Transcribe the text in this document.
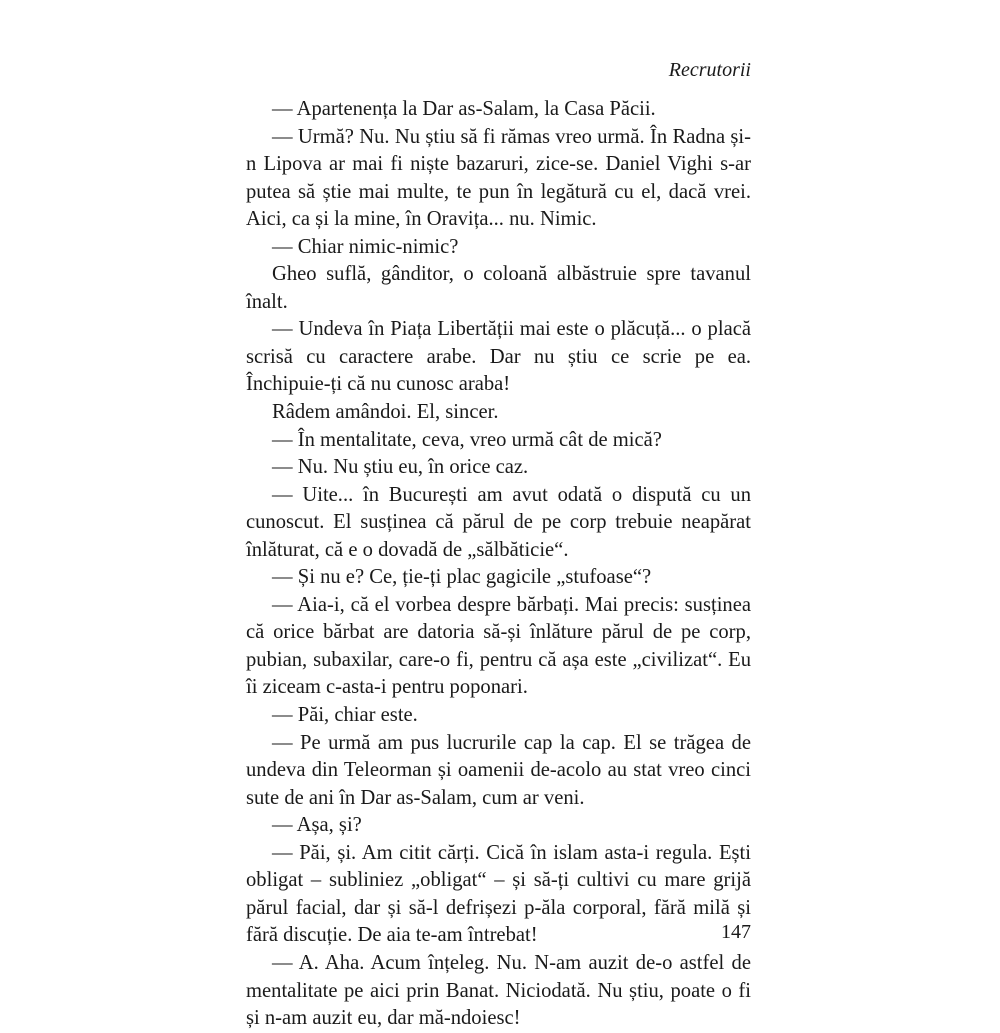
Recrutorii

— Apartenența la Dar as-Salam, la Casa Păcii.

— Urmă? Nu. Nu știu să fi rămas vreo urmă. În Radna și-n Lipova ar mai fi niște bazaruri, zice-se. Daniel Vighi s-ar putea să știe mai multe, te pun în legătură cu el, dacă vrei. Aici, ca și la mine, în Oravița... nu. Nimic.

— Chiar nimic-nimic?

Gheo suflă, gânditor, o coloană albăstruie spre tavanul înalt.

— Undeva în Piața Libertății mai este o plăcuță... o placă scrisă cu caractere arabe. Dar nu știu ce scrie pe ea. Închipuie-ți că nu cunosc araba!

Râdem amândoi. El, sincer.

— În mentalitate, ceva, vreo urmă cât de mică?

— Nu. Nu știu eu, în orice caz.

— Uite... în București am avut odată o dispută cu un cunoscut. El susținea că părul de pe corp trebuie neapărat înlăturat, că e o dovadă de „sălbăticie“.

— Și nu e? Ce, ție-ți plac gagicile „stufoase“?

— Aia-i, că el vorbea despre bărbați. Mai precis: susținea că orice bărbat are datoria să-și înlăture părul de pe corp, pubian, subaxilar, care-o fi, pentru că așa este „civilizat“. Eu îi ziceam c-asta-i pentru poponari.

— Păi, chiar este.

— Pe urmă am pus lucrurile cap la cap. El se trăgea de undeva din Teleorman și oamenii de-acolo au stat vreo cinci sute de ani în Dar as-Salam, cum ar veni.

— Așa, și?

— Păi, și. Am citit cărți. Cică în islam asta-i regula. Ești obligat – subliniez „obligat“ – și să-ți cultivi cu mare grijă părul facial, dar și să-l defrișezi p-ăla corporal, fără milă și fără discuție. De aia te-am întrebat!

— A. Aha. Acum înțeleg. Nu. N-am auzit de-o astfel de mentalitate pe aici prin Banat. Niciodată. Nu știu, poate o fi și n-am auzit eu, dar mă-ndoiesc!

147
